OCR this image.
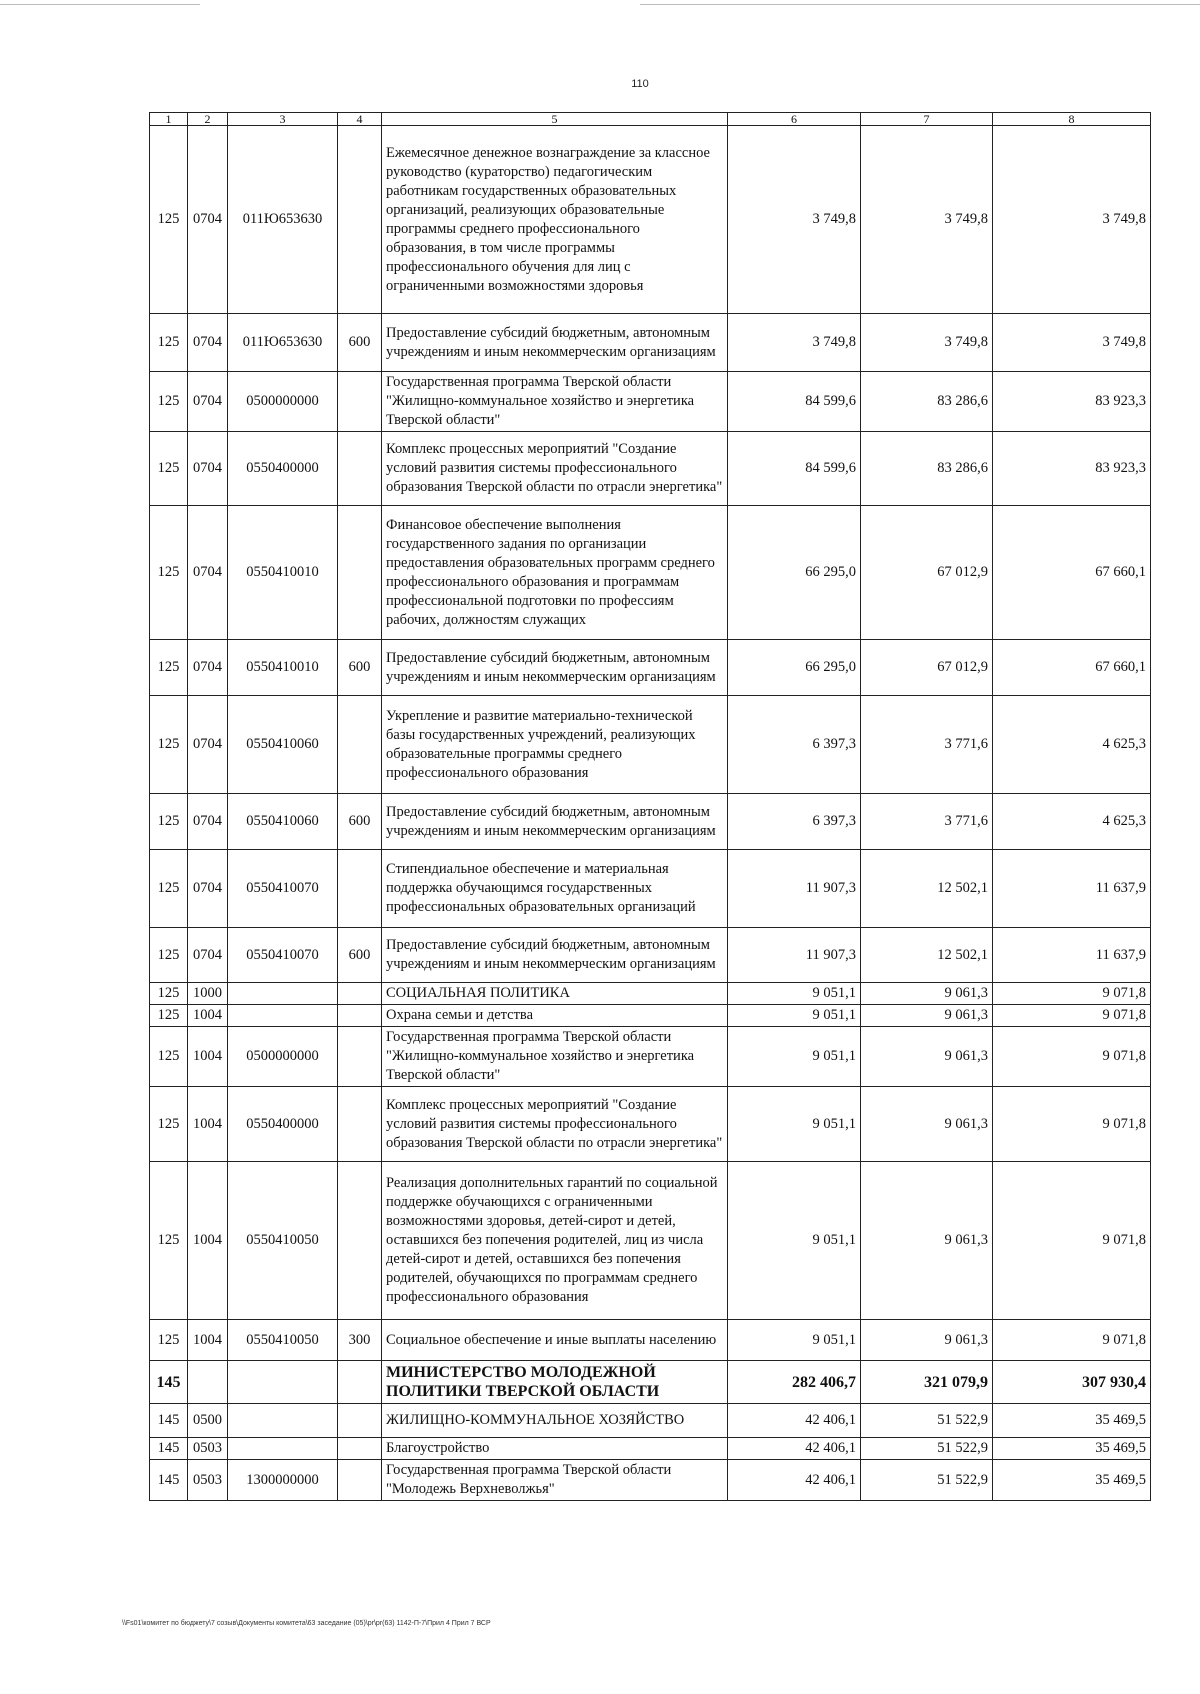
110
1	2	3	4	5	6	7	8
125	0704	011Ю653630		Ежемесячное денежное вознаграждение за классное руководство (кураторство) педагогическим работникам государственных образовательных организаций, реализующих образовательные программы среднего профессионального образования, в том числе программы профессионального обучения для лиц с ограниченными возможностями здоровья	3 749,8	3 749,8	3 749,8
125	0704	011Ю653630	600	Предоставление субсидий бюджетным, автономным учреждениям и иным некоммерческим организациям	3 749,8	3 749,8	3 749,8
125	0704	0500000000		Государственная программа Тверской области "Жилищно-коммунальное хозяйство и энергетика Тверской области"	84 599,6	83 286,6	83 923,3
125	0704	0550400000		Комплекс процессных мероприятий "Создание условий развития системы профессионального образования Тверской области по отрасли энергетика"	84 599,6	83 286,6	83 923,3
125	0704	0550410010		Финансовое обеспечение выполнения государственного задания по организации предоставления образовательных программ среднего профессионального образования и программам профессиональной подготовки по профессиям рабочих, должностям служащих	66 295,0	67 012,9	67 660,1
125	0704	0550410010	600	Предоставление субсидий бюджетным, автономным учреждениям и иным некоммерческим организациям	66 295,0	67 012,9	67 660,1
125	0704	0550410060		Укрепление и развитие материально-технической базы государственных учреждений, реализующих образовательные программы среднего профессионального образования	6 397,3	3 771,6	4 625,3
125	0704	0550410060	600	Предоставление субсидий бюджетным, автономным учреждениям и иным некоммерческим организациям	6 397,3	3 771,6	4 625,3
125	0704	0550410070		Стипендиальное обеспечение и материальная поддержка обучающимся государственных профессиональных образовательных организаций	11 907,3	12 502,1	11 637,9
125	0704	0550410070	600	Предоставление субсидий бюджетным, автономным учреждениям и иным некоммерческим организациям	11 907,3	12 502,1	11 637,9
125	1000			СОЦИАЛЬНАЯ ПОЛИТИКА	9 051,1	9 061,3	9 071,8
125	1004			Охрана семьи и детства	9 051,1	9 061,3	9 071,8
125	1004	0500000000		Государственная программа Тверской области "Жилищно-коммунальное хозяйство и энергетика Тверской области"	9 051,1	9 061,3	9 071,8
125	1004	0550400000		Комплекс процессных мероприятий "Создание условий развития системы профессионального образования Тверской области по отрасли энергетика"	9 051,1	9 061,3	9 071,8
125	1004	0550410050		Реализация дополнительных гарантий по социальной поддержке обучающихся с ограниченными возможностями здоровья, детей-сирот и детей, оставшихся без попечения родителей, лиц из числа детей-сирот и детей, оставшихся без попечения родителей, обучающихся по программам среднего профессионального образования	9 051,1	9 061,3	9 071,8
125	1004	0550410050	300	Социальное обеспечение и иные выплаты населению	9 051,1	9 061,3	9 071,8
145				МИНИСТЕРСТВО МОЛОДЕЖНОЙ ПОЛИТИКИ ТВЕРСКОЙ ОБЛАСТИ	282 406,7	321 079,9	307 930,4
145	0500			ЖИЛИЩНО-КОММУНАЛЬНОЕ ХОЗЯЙСТВО	42 406,1	51 522,9	35 469,5
145	0503			Благоустройство	42 406,1	51 522,9	35 469,5
145	0503	1300000000		Государственная программа Тверской области "Молодежь Верхневолжья"	42 406,1	51 522,9	35 469,5
\\Fs01\комитет по бюджету\7 созыв\Документы комитета\63 заседание (05)\pr\pr(63) 1142-П-7\Прил 4 Прил 7 ВСР
